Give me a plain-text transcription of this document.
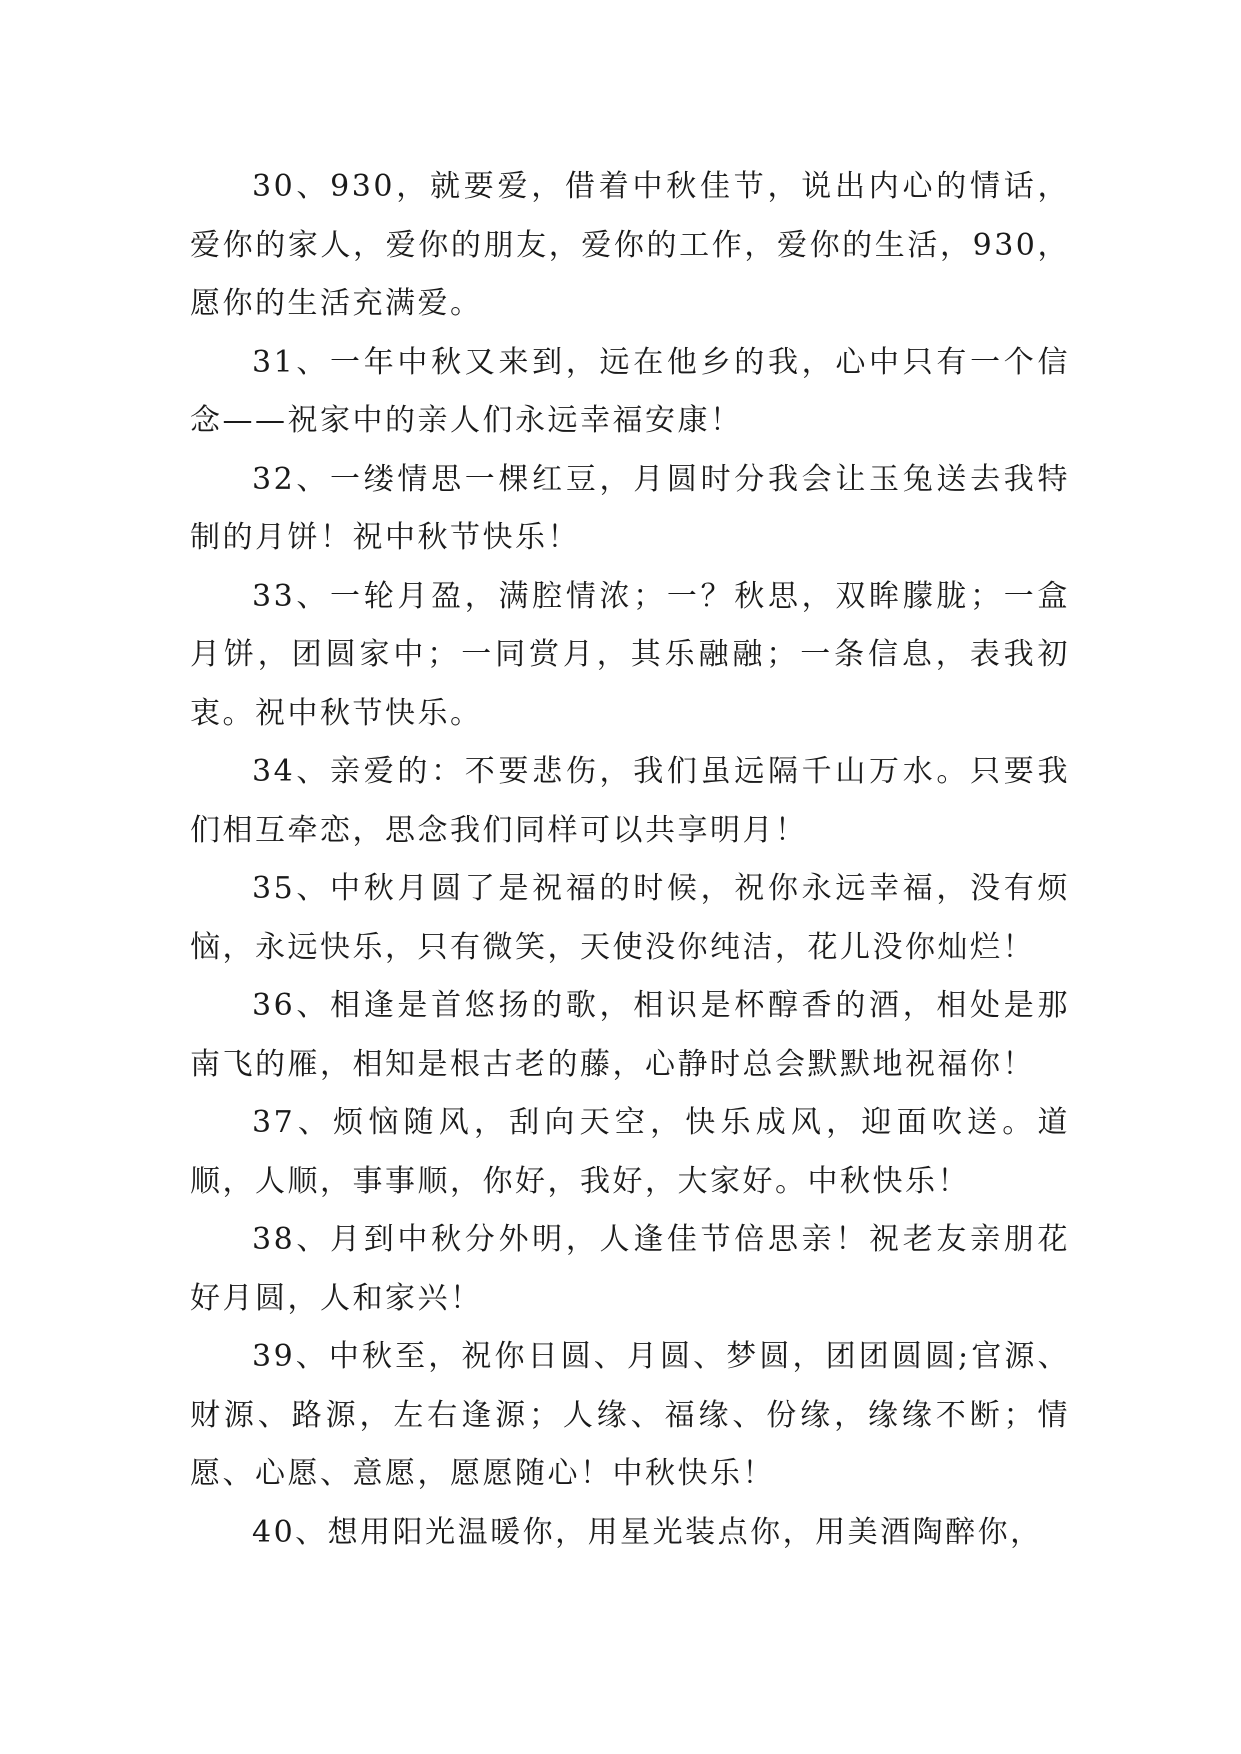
30、930，就要爱，借着中秋佳节，说出内心的情话，爱你的家人，爱你的朋友，爱你的工作，爱你的生活，930，愿你的生活充满爱。

31、一年中秋又来到，远在他乡的我，心中只有一个信念——祝家中的亲人们永远幸福安康！

32、一缕情思一棵红豆，月圆时分我会让玉兔送去我特制的月饼！祝中秋节快乐！

33、一轮月盈，满腔情浓；一？秋思，双眸朦胧；一盒月饼，团圆家中；一同赏月，其乐融融；一条信息，表我初衷。祝中秋节快乐。

34、亲爱的：不要悲伤，我们虽远隔千山万水。只要我们相互牵恋，思念我们同样可以共享明月！

35、中秋月圆了是祝福的时候，祝你永远幸福，没有烦恼，永远快乐，只有微笑，天使没你纯洁，花儿没你灿烂！

36、相逢是首悠扬的歌，相识是杯醇香的酒，相处是那南飞的雁，相知是根古老的藤，心静时总会默默地祝福你！

37、烦恼随风，刮向天空，快乐成风，迎面吹送。道顺，人顺，事事顺，你好，我好，大家好。中秋快乐！

38、月到中秋分外明，人逢佳节倍思亲！祝老友亲朋花好月圆，人和家兴！

39、中秋至，祝你日圆、月圆、梦圆，团团圆圆;官源、财源、路源，左右逢源；人缘、福缘、份缘，缘缘不断；情愿、心愿、意愿，愿愿随心！中秋快乐！

40、想用阳光温暖你，用星光装点你，用美酒陶醉你，
